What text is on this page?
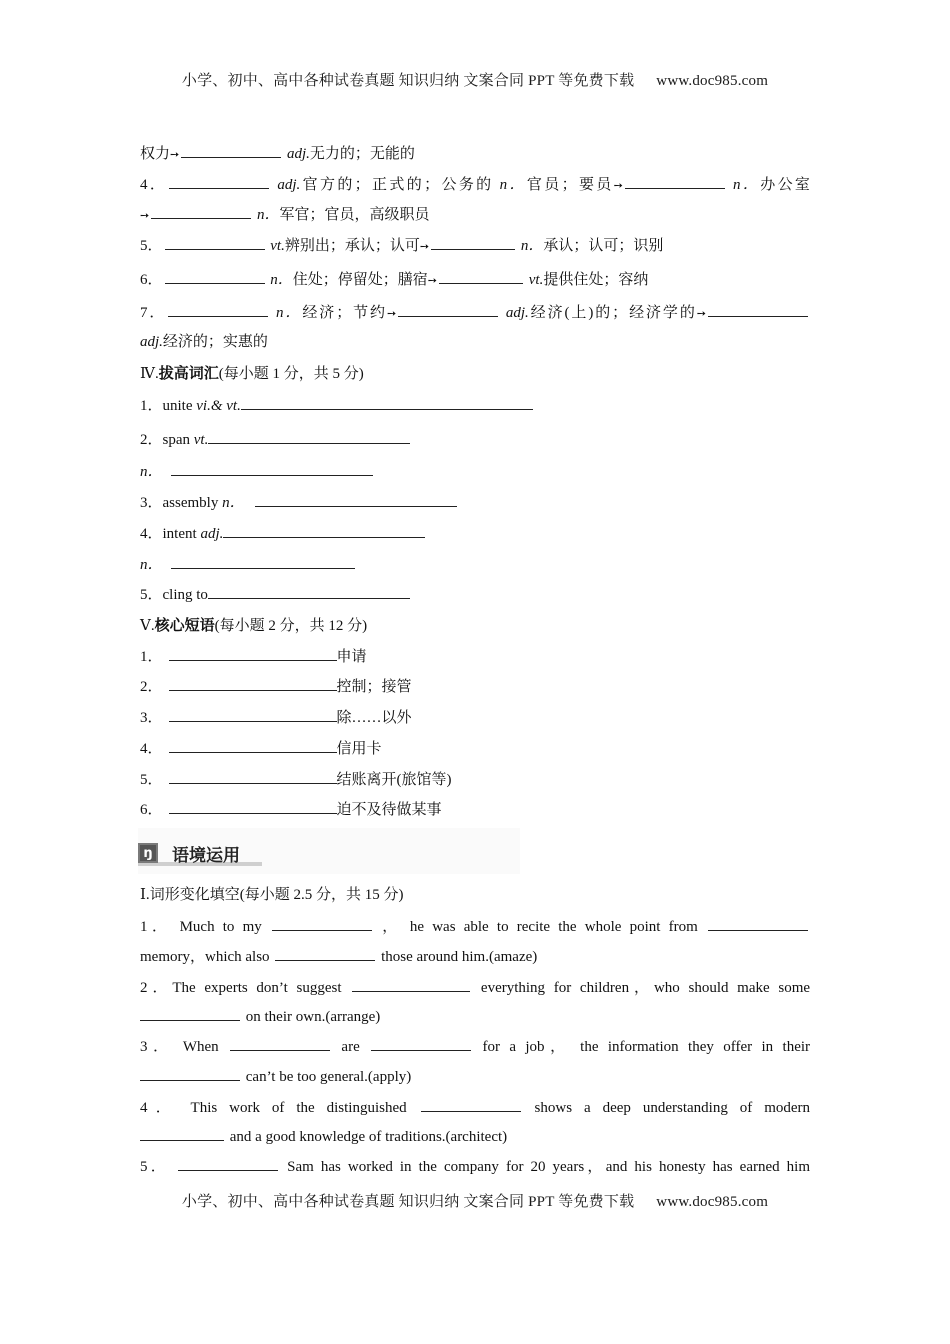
小学、初中、高中各种试卷真题 知识归纳 文案合同 PPT 等免费下载 www.doc985.com
权力➙	adj.无力的；无能的
4．	adj.官方的；正式的；公务的 n．官员；要员➙	n．办公室
➙	n．军官；官员，高级职员
5．	vt.辨别出；承认；认可➙	n．承认；认可；识别
6．	n．住处；停留处；膳宿➙	vt.提供住处；容纳
7．	n．经济；节约➙	adj.经济(上)的；经济学的➙
adj.经济的；实惠的
Ⅳ.拔高词汇(每小题 1 分，共 5 分)
1．unite vi.& vt.
2．span vt.
n．
3．assembly n．
4．intent adj.
n．
5．cling to
Ⅴ.核心短语(每小题 2 分，共 12 分)
1．	申请
2．	控制；接管
3．	除……以外
4．	信用卡
5．	结账离开(旅馆等)
6．	迫不及待做某事
ŋ	语境运用
Ⅰ.词形变化填空(每小题 2.5 分，共 15 分)
1． Much to my	， he was able to recite the whole point from
memory，which also	those around him.(amaze)
2．The experts don’t suggest	everything for children，who should make some
on their own.(arrange)
3． When	are	for a job， the information they offer in their
can’t be too general.(apply)
4． This work of the distinguished	shows a deep understanding of modern
and a good knowledge of traditions.(architect)
5．	Sam has worked in the company for 20 years，and his honesty has earned him
小学、初中、高中各种试卷真题 知识归纳 文案合同 PPT 等免费下载 www.doc985.com
